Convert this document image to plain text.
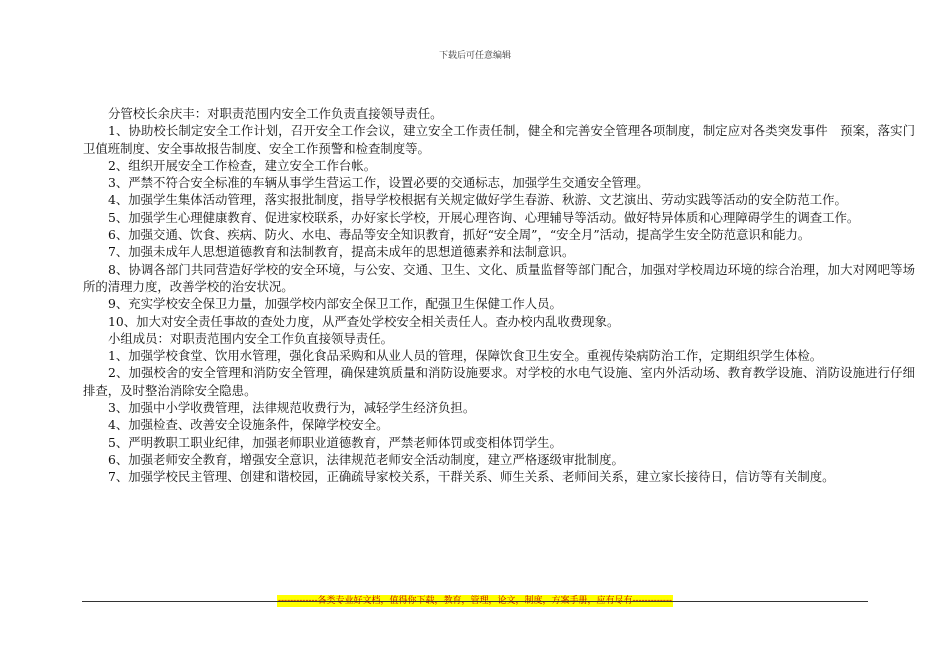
下载后可任意编辑

分管校长余庆丰：对职责范围内安全工作负责直接领导责任。

1、协助校长制定安全工作计划，召开安全工作会议，建立安全工作责任制，健全和完善安全管理各项制度，制定应对各类突发事件　预案，落实门卫值班制度、安全事故报告制度、安全工作预警和检查制度等。

2、组织开展安全工作检查，建立安全工作台帐。

3、严禁不符合安全标准的车辆从事学生营运工作，设置必要的交通标志，加强学生交通安全管理。

4、加强学生集体活动管理，落实报批制度，指导学校根据有关规定做好学生春游、秋游、文艺演出、劳动实践等活动的安全防范工作。

5、加强学生心理健康教育、促进家校联系，办好家长学校，开展心理咨询、心理辅导等活动。做好特异体质和心理障碍学生的调查工作。

6、加强交通、饮食、疾病、防火、水电、毒品等安全知识教育，抓好“安全周”，“安全月”活动，提高学生安全防范意识和能力。

7、加强未成年人思想道德教育和法制教育，提高未成年的思想道德素养和法制意识。

8、协调各部门共同营造好学校的安全环境，与公安、交通、卫生、文化、质量监督等部门配合，加强对学校周边环境的综合治理，加大对网吧等场所的清理力度，改善学校的治安状况。

9、充实学校安全保卫力量，加强学校内部安全保卫工作，配强卫生保健工作人员。

10、加大对安全责任事故的查处力度，从严查处学校安全相关责任人。查办校内乱收费现象。

小组成员：对职责范围内安全工作负直接领导责任。

1、加强学校食堂、饮用水管理，强化食品采购和从业人员的管理，保障饮食卫生安全。重视传染病防治工作，定期组织学生体检。

2、加强校舍的安全管理和消防安全管理，确保建筑质量和消防设施要求。对学校的水电气设施、室内外活动场、教育教学设施、消防设施进行仔细排查，及时整治消除安全隐患。

3、加强中小学收费管理，法律规范收费行为，减轻学生经济负担。

4、加强检查、改善安全设施条件，保障学校安全。

5、严明教职工职业纪律，加强老师职业道德教育，严禁老师体罚或变相体罚学生。

6、加强老师安全教育，增强安全意识，法律规范老师安全活动制度，建立严格逐级审批制度。

7、加强学校民主管理、创建和谐校园，正确疏导家校关系，干群关系、师生关系、老师间关系，建立家长接待日，信访等有关制度。

-------------各类专业好文档，值得你下载，教育，管理，论文，制度，方案手册，应有尽有-------------
